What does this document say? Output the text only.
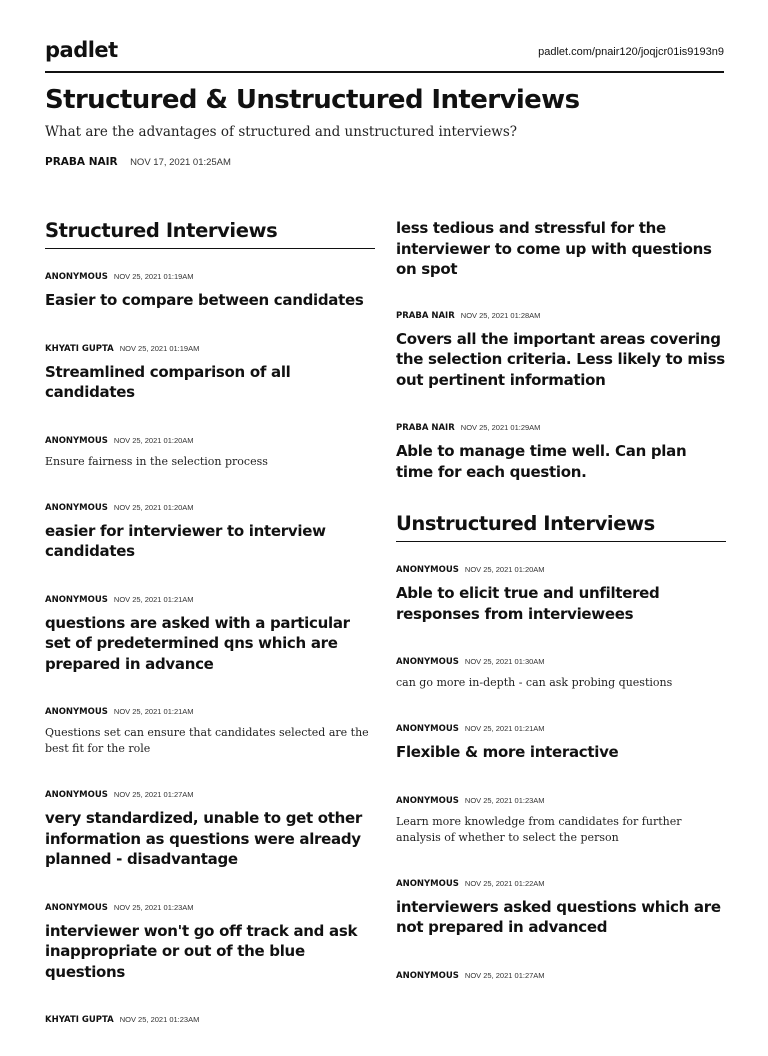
padlet	padlet.com/pnair120/joqjcr01is9193n9
Structured & Unstructured Interviews

What are the advantages of structured and unstructured interviews?

PRABA NAIR NOV 17, 2021 01:25AM
Structured Interviews
ANONYMOUS NOV 25, 2021 01:19AM
Easier to compare between candidates
KHYATI GUPTA NOV 25, 2021 01:19AM
Streamlined comparison of all candidates
ANONYMOUS NOV 25, 2021 01:20AM
Ensure fairness in the selection process
ANONYMOUS NOV 25, 2021 01:20AM
easier for interviewer to interview candidates
ANONYMOUS NOV 25, 2021 01:21AM
questions are asked with a particular set of predetermined qns which are prepared in advance
ANONYMOUS NOV 25, 2021 01:21AM
Questions set can ensure that candidates selected are the best fit for the role
ANONYMOUS NOV 25, 2021 01:27AM
very standardized, unable to get other information as questions were already planned - disadvantage
ANONYMOUS NOV 25, 2021 01:23AM
interviewer won't go off track and ask inappropriate or out of the blue questions
KHYATI GUPTA NOV 25, 2021 01:23AM
less tedious and stressful for the interviewer to come up with questions on spot
PRABA NAIR NOV 25, 2021 01:28AM
Covers all the important areas covering the selection criteria. Less likely to miss out pertinent information
PRABA NAIR NOV 25, 2021 01:29AM
Able to manage time well. Can plan time for each question.
Unstructured Interviews
ANONYMOUS NOV 25, 2021 01:20AM
Able to elicit true and unfiltered responses from interviewees
ANONYMOUS NOV 25, 2021 01:30AM
can go more in-depth - can ask probing questions
ANONYMOUS NOV 25, 2021 01:21AM
Flexible & more interactive
ANONYMOUS NOV 25, 2021 01:23AM
Learn more knowledge from candidates for further analysis of whether to select the person
ANONYMOUS NOV 25, 2021 01:22AM
interviewers asked questions which are not prepared in advanced
ANONYMOUS NOV 25, 2021 01:27AM
